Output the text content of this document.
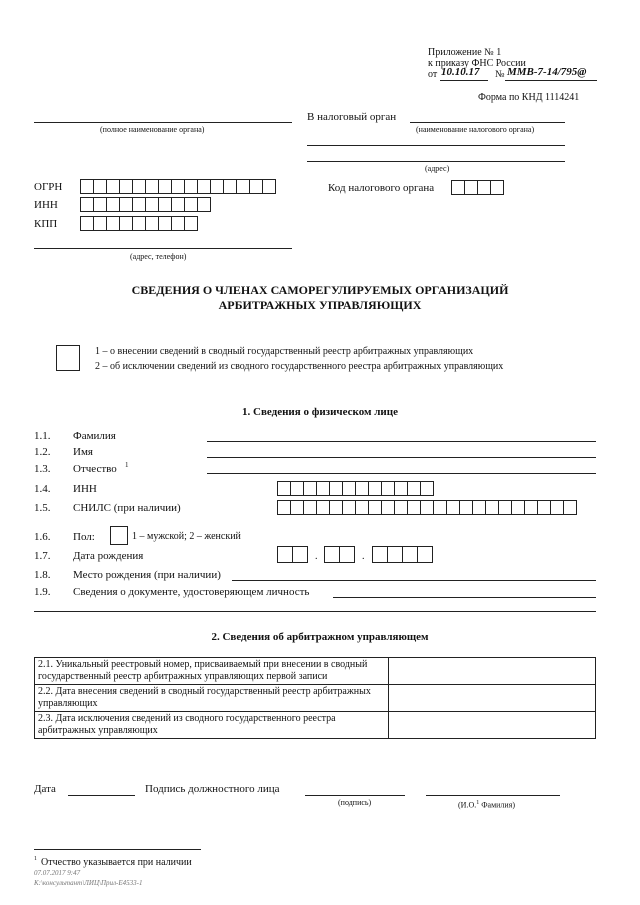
Приложение № 1
к приказу ФНС России
от 10.10.17 № ММВ-7-14/795@
Форма по КНД 1114241
В налоговый орган
(наименование налогового органа)
(адрес)
Код налогового органа
(полное наименование органа)
ОГРН
ИНН
КПП
(адрес, телефон)
СВЕДЕНИЯ О ЧЛЕНАХ САМОРЕГУЛИРУЕМЫХ ОРГАНИЗАЦИЙ
АРБИТРАЖНЫХ УПРАВЛЯЮЩИХ
1 – о внесении сведений в сводный государственный реестр арбитражных управляющих
2 – об исключении сведений из сводного государственного реестра арбитражных управляющих
1. Сведения о физическом лице
1.1. Фамилия
1.2. Имя
1.3. Отчество 1
1.4. ИНН
1.5. СНИЛС (при наличии)
1.6. Пол:	1 – мужской; 2 – женский
1.7. Дата рождения	.	.
1.8. Место рождения (при наличии)
1.9. Сведения о документе, удостоверяющем личность
2. Сведения об арбитражном управляющем
2.1. Уникальный реестровый номер, присваиваемый при внесении в сводный государственный реестр арбитражных управляющих первой записи	
2.2. Дата внесения сведений в сводный государственный реестр арбитражных управляющих	
2.3. Дата исключения сведений из сводного государственного реестра арбитражных управляющих	
Дата	Подпись должностного лица
(подпись)	(И.О.$^1$ Фамилия)
1 Отчество указывается при наличии
07.07.2017 9:47
К:\консультант\ЛИЦ\Прил-Е4533-1
